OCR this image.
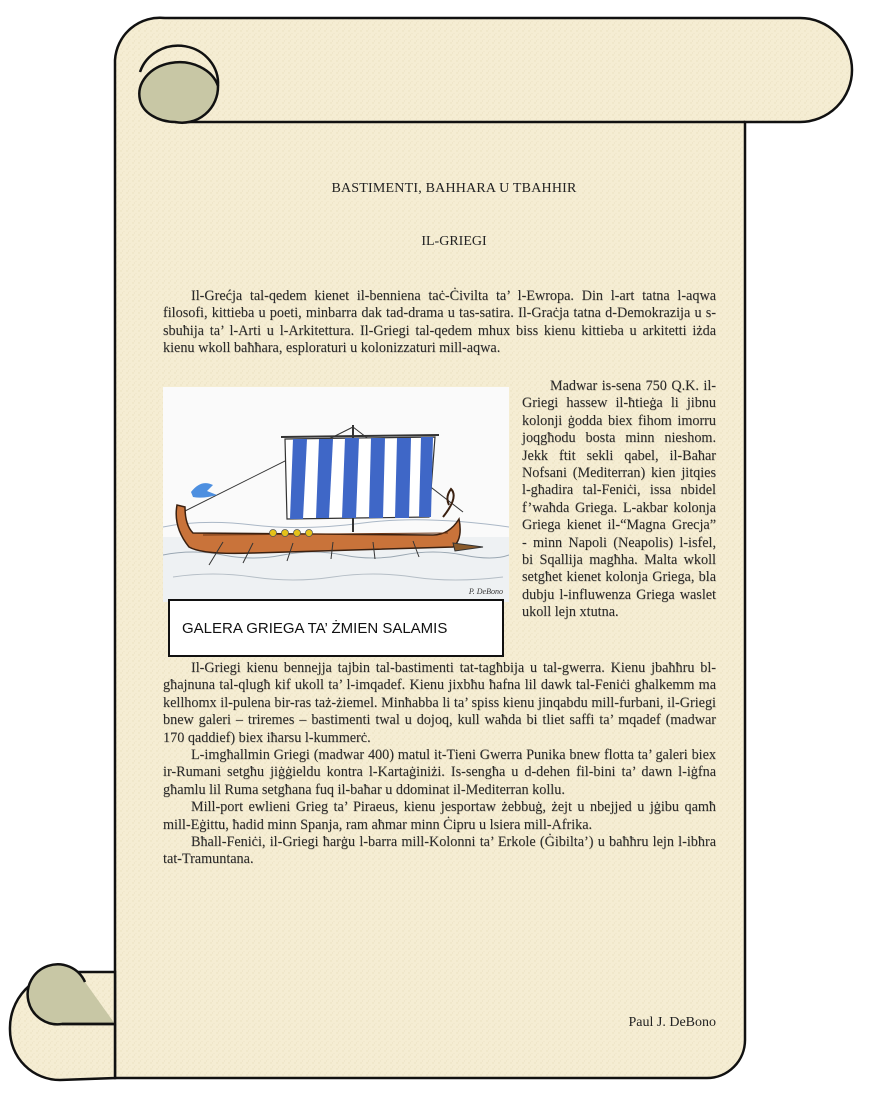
BASTIMENTI, BAHHARA U TBAHHIR
IL-GRIEGI

Il-Grećja tal-qedem kienet il-benniena taċ-Ċivilta ta’ l-Ewropa. Din l-art tatna l-aqwa filosofi, kittieba u poeti, minbarra dak tad-drama u tas-satira. Il-Graċja tatna d-Demokrazija u s-sbuħija ta’ l-Arti u l-Arkitettura. Il-Griegi tal-qedem mhux biss kienu kittieba u arkitetti iżda kienu wkoll baħħara, esploraturi u kolonizzaturi mill-aqwa.

P. DeBono
GALERA GRIEGA TA’ ŻMIEN SALAMIS

Madwar is-sena 750 Q.K. il-Griegi hassew il-ħtieġa li jibnu kolonji ġodda biex fihom imorru joqgħodu bosta minn nieshom. Jekk ftit sekli qabel, il-Baħar Nofsani (Mediterran) kien jitqies l-għadira tal-Feniċi, issa nbidel f’waħda Griega. L-akbar kolonja Griega kienet il-“Magna Grecja” - minn Napoli (Neapolis) l-isfel, bi Sqallija magħha. Malta wkoll setgħet kienet kolonja Griega, bla dubju l-influwenza Griega waslet ukoll lejn xtutna.

Il-Griegi kienu bennejja tajbin tal-bastimenti tat-tagħbija u tal-gwerra. Kienu jbaħħru bl-għajnuna tal-qlugħ kif ukoll ta’ l-imqadef. Kienu jixbħu ħafna lil dawk tal-Feniċi għalkemm ma kellhomx il-pulena bir-ras taż-żiemel. Minħabba li ta’ spiss kienu jinqabdu mill-furbani, il-Griegi bnew galeri – triremes – bastimenti twal u dojoq, kull waħda bi tliet saffi ta’ mqadef (madwar 170 qaddief) biex iħarsu l-kummerċ.

L-imgħallmin Griegi (madwar 400) matul it-Tieni Gwerra Punika bnew flotta ta’ galeri biex ir-Rumani setgħu jiġġieldu kontra l-Kartaġiniżi. Is-sengħa u d-dehen fil-bini ta’ dawn l-iġfna għamlu lil Ruma setgħana fuq il-baħar u ddominat il-Mediterran kollu.

Mill-port ewlieni Grieg ta’ Piraeus, kienu jesportaw żebbuġ, żejt u nbejjed u jġibu qamħ mill-Eġittu, ħadid minn Spanja, ram aħmar minn Ċipru u lsiera mill-Afrika.

Bħall-Feniċi, il-Griegi ħarġu l-barra mill-Kolonni ta’ Erkole (Ġibilta’) u baħħru lejn l-ibħra tat-Tramuntana.

Paul J. DeBono
